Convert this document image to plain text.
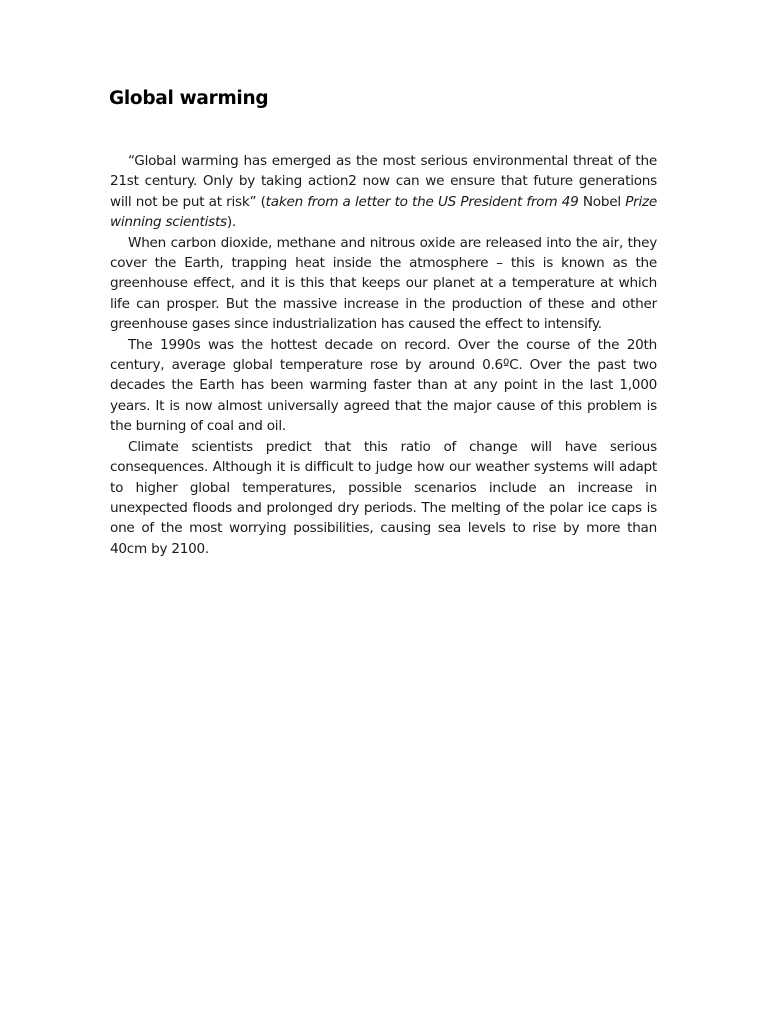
Global warming

“Global warming has emerged as the most serious environmental threat of the 21st century. Only by taking action2 now can we ensure that future generations will not be put at risk” (taken from a letter to the US President from 49 Nobel Prize winning scientists).

When carbon dioxide, methane and nitrous oxide are released into the air, they cover the Earth, trapping heat inside the atmosphere – this is known as the greenhouse effect, and it is this that keeps our planet at a temperature at which life can prosper. But the massive increase in the production of these and other greenhouse gases since industrialization has caused the effect to intensify.

The 1990s was the hottest decade on record. Over the course of the 20th century, average global temperature rose by around 0.6ºC. Over the past two decades the Earth has been warming faster than at any point in the last 1,000 years. It is now almost universally agreed that the major cause of this problem is the burning of coal and oil.

Climate scientists predict that this ratio of change will have serious consequences. Although it is difficult to judge how our weather systems will adapt to higher global temperatures, possible scenarios include an increase in unexpected floods and prolonged dry periods. The melting of the polar ice caps is one of the most worrying possibilities, causing sea levels to rise by more than 40cm by 2100.
